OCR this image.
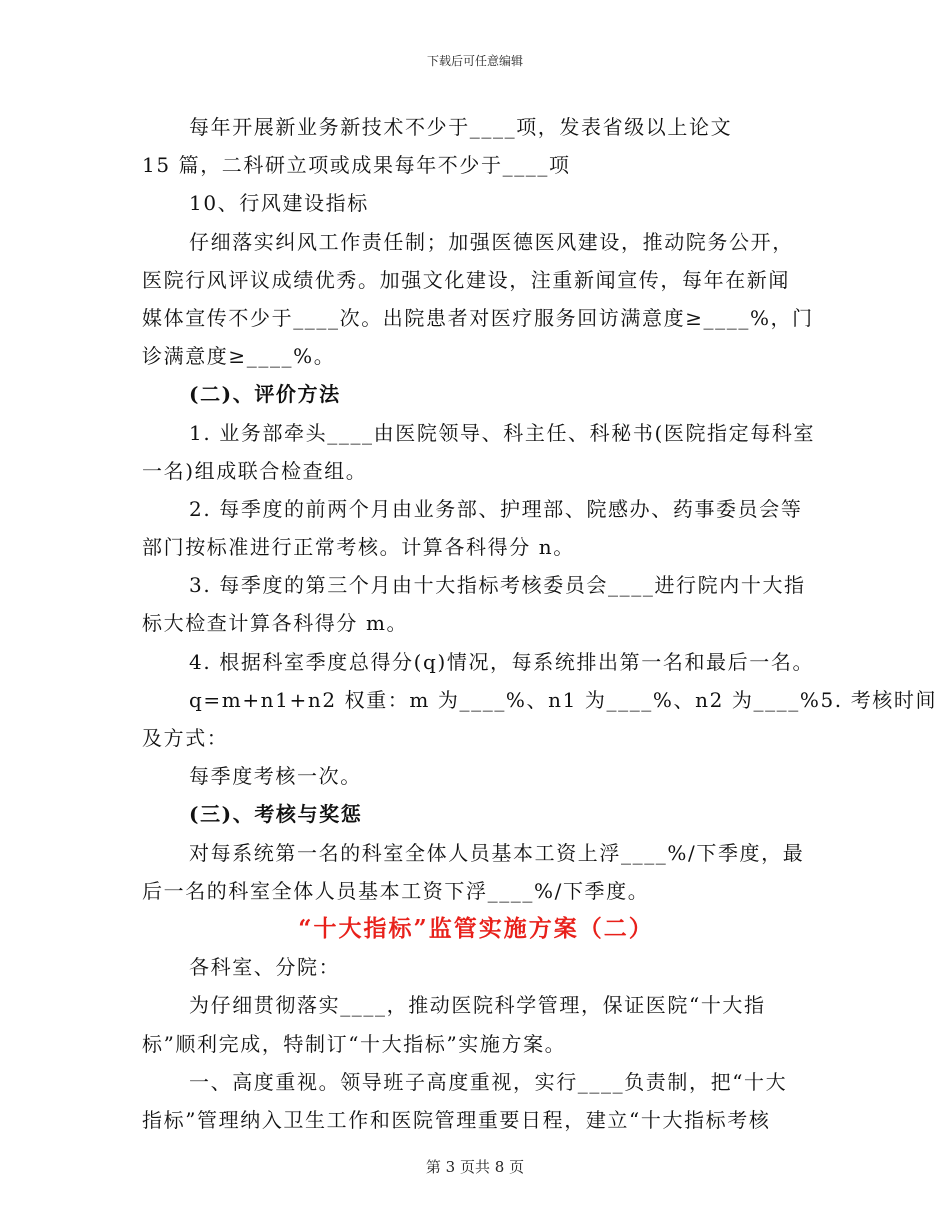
下载后可任意编辑
每年开展新业务新技术不少于____项，发表省级以上论文
15 篇，二科研立项或成果每年不少于____项
10、行风建设指标
仔细落实纠风工作责任制；加强医德医风建设，推动院务公开，
医院行风评议成绩优秀。加强文化建设，注重新闻宣传，每年在新闻
媒体宣传不少于____次。出院患者对医疗服务回访满意度≥____%，门
诊满意度≥____%。
(二)、评价方法
1. 业务部牵头____由医院领导、科主任、科秘书(医院指定每科室
一名)组成联合检查组。
2. 每季度的前两个月由业务部、护理部、院感办、药事委员会等
部门按标准进行正常考核。计算各科得分 n。
3. 每季度的第三个月由十大指标考核委员会____进行院内十大指
标大检查计算各科得分 m。
4. 根据科室季度总得分(q)情况，每系统排出第一名和最后一名。
q=m+n1+n2 权重：m 为____%、n1 为____%、n2 为____%5. 考核时间
及方式：
每季度考核一次。
(三)、考核与奖惩
对每系统第一名的科室全体人员基本工资上浮____%/下季度，最
后一名的科室全体人员基本工资下浮____%/下季度。
“十大指标”监管实施方案（二）
各科室、分院：
为仔细贯彻落实____，推动医院科学管理，保证医院“十大指
标”顺利完成，特制订“十大指标”实施方案。
一、高度重视。领导班子高度重视，实行____负责制，把“十大
指标”管理纳入卫生工作和医院管理重要日程，建立“十大指标考核
第 3 页共 8 页
